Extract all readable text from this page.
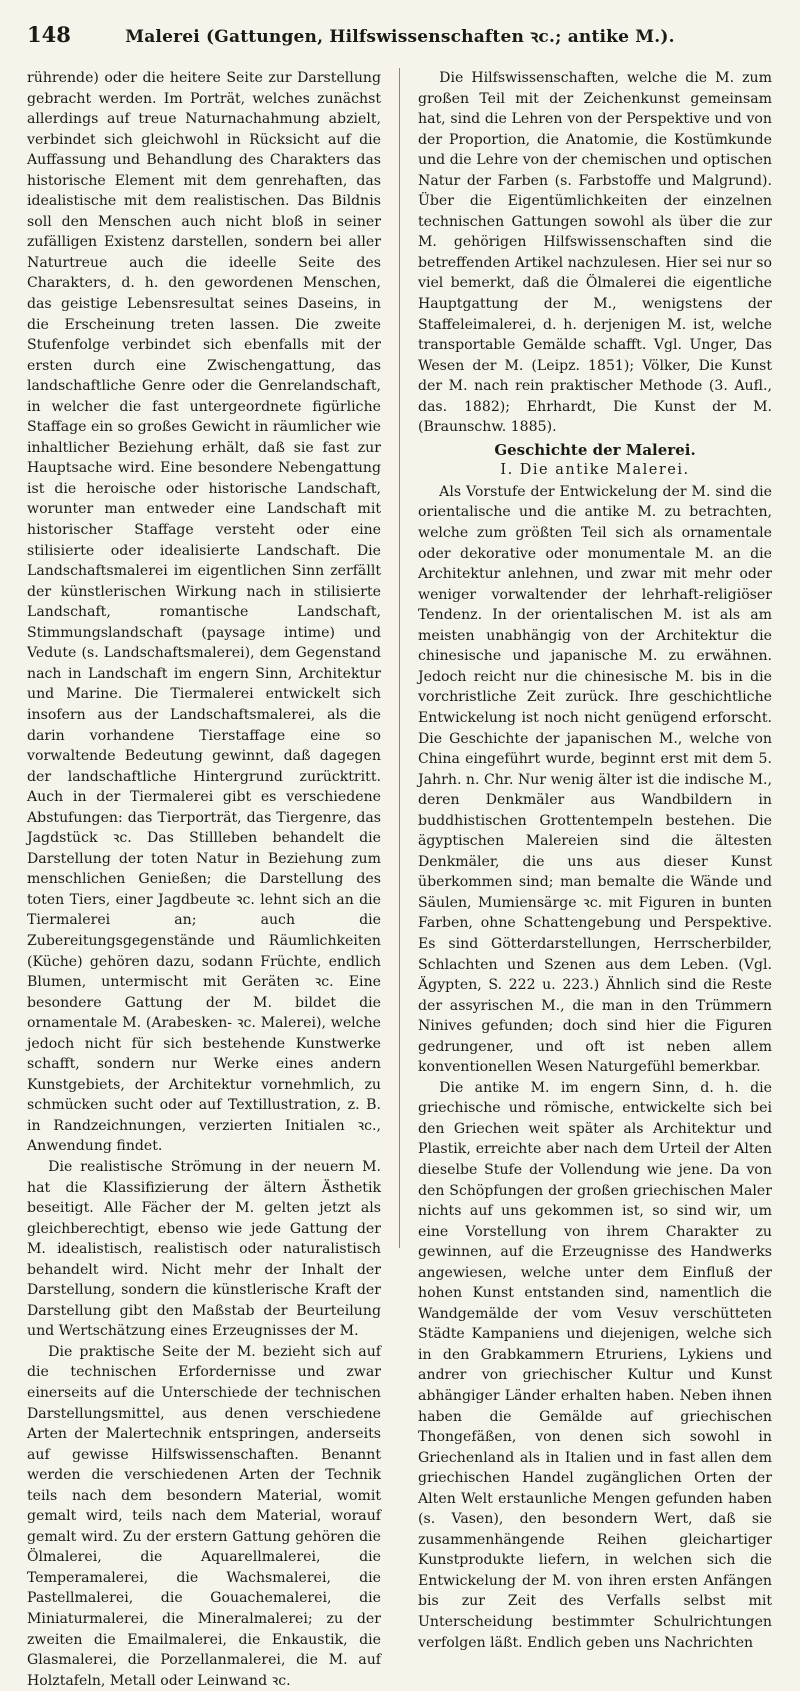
148	Malerei (Gattungen, Hilfswissenschaften ꝛc.; antike M.).

rührende) oder die heitere Seite zur Darstellung gebracht werden. Im Porträt, welches zunächst allerdings auf treue Naturnachahmung abzielt, verbindet sich gleichwohl in Rücksicht auf die Auffassung und Behandlung des Charakters das historische Element mit dem genrehaften, das idealistische mit dem realistischen. Das Bildnis soll den Menschen auch nicht bloß in seiner zufälligen Existenz darstellen, sondern bei aller Naturtreue auch die ideelle Seite des Charakters, d. h. den gewordenen Menschen, das geistige Lebensresultat seines Daseins, in die Erscheinung treten lassen. Die zweite Stufenfolge verbindet sich ebenfalls mit der ersten durch eine Zwischengattung, das landschaftliche Genre oder die Genrelandschaft, in welcher die fast untergeordnete figürliche Staffage ein so großes Gewicht in räumlicher wie inhaltlicher Beziehung erhält, daß sie fast zur Hauptsache wird. Eine besondere Nebengattung ist die heroische oder historische Landschaft, worunter man entweder eine Landschaft mit historischer Staffage versteht oder eine stilisierte oder idealisierte Landschaft. Die Landschaftsmalerei im eigentlichen Sinn zerfällt der künstlerischen Wirkung nach in stilisierte Landschaft, romantische Landschaft, Stimmungslandschaft (paysage intime) und Vedute (s. Landschaftsmalerei), dem Gegenstand nach in Landschaft im engern Sinn, Architektur und Marine. Die Tiermalerei entwickelt sich insofern aus der Landschaftsmalerei, als die darin vorhandene Tierstaffage eine so vorwaltende Bedeutung gewinnt, daß dagegen der landschaftliche Hintergrund zurücktritt. Auch in der Tiermalerei gibt es verschiedene Abstufungen: das Tierporträt, das Tiergenre, das Jagdstück ꝛc. Das Stillleben behandelt die Darstellung der toten Natur in Beziehung zum menschlichen Genießen; die Darstellung des toten Tiers, einer Jagdbeute ꝛc. lehnt sich an die Tiermalerei an; auch die Zubereitungsgegenstände und Räumlichkeiten (Küche) gehören dazu, sodann Früchte, endlich Blumen, untermischt mit Geräten ꝛc. Eine besondere Gattung der M. bildet die ornamentale M. (Arabesken- ꝛc. Malerei), welche jedoch nicht für sich bestehende Kunstwerke schafft, sondern nur Werke eines andern Kunstgebiets, der Architektur vornehmlich, zu schmücken sucht oder auf Textillustration, z. B. in Randzeichnungen, verzierten Initialen ꝛc., Anwendung findet.

Die realistische Strömung in der neuern M. hat die Klassifizierung der ältern Ästhetik beseitigt. Alle Fächer der M. gelten jetzt als gleichberechtigt, ebenso wie jede Gattung der M. idealistisch, realistisch oder naturalistisch behandelt wird. Nicht mehr der Inhalt der Darstellung, sondern die künstlerische Kraft der Darstellung gibt den Maßstab der Beurteilung und Wertschätzung eines Erzeugnisses der M.

Die praktische Seite der M. bezieht sich auf die technischen Erfordernisse und zwar einerseits auf die Unterschiede der technischen Darstellungsmittel, aus denen verschiedene Arten der Malertechnik entspringen, anderseits auf gewisse Hilfswissenschaften. Benannt werden die verschiedenen Arten der Technik teils nach dem besondern Material, womit gemalt wird, teils nach dem Material, worauf gemalt wird. Zu der erstern Gattung gehören die Ölmalerei, die Aquarellmalerei, die Temperamalerei, die Wachsmalerei, die Pastellmalerei, die Gouachemalerei, die Miniaturmalerei, die Mineralmalerei; zu der zweiten die Emailmalerei, die Enkaustik, die Glasmalerei, die Porzellanmalerei, die M. auf Holztafeln, Metall oder Leinwand ꝛc.

Die Hilfswissenschaften, welche die M. zum großen Teil mit der Zeichenkunst gemeinsam hat, sind die Lehren von der Perspektive und von der Proportion, die Anatomie, die Kostümkunde und die Lehre von der chemischen und optischen Natur der Farben (s. Farbstoffe und Malgrund). Über die Eigentümlichkeiten der einzelnen technischen Gattungen sowohl als über die zur M. gehörigen Hilfswissenschaften sind die betreffenden Artikel nachzulesen. Hier sei nur so viel bemerkt, daß die Ölmalerei die eigentliche Hauptgattung der M., wenigstens der Staffeleimalerei, d. h. derjenigen M. ist, welche transportable Gemälde schafft. Vgl. Unger, Das Wesen der M. (Leipz. 1851); Völker, Die Kunst der M. nach rein praktischer Methode (3. Aufl., das. 1882); Ehrhardt, Die Kunst der M. (Braunschw. 1885).

Geschichte der Malerei.
I. Die antike Malerei.

Als Vorstufe der Entwickelung der M. sind die orientalische und die antike M. zu betrachten, welche zum größten Teil sich als ornamentale oder dekorative oder monumentale M. an die Architektur anlehnen, und zwar mit mehr oder weniger vorwaltender der lehrhaft-religiöser Tendenz. In der orientalischen M. ist als am meisten unabhängig von der Architektur die chinesische und japanische M. zu erwähnen. Jedoch reicht nur die chinesische M. bis in die vorchristliche Zeit zurück. Ihre geschichtliche Entwickelung ist noch nicht genügend erforscht. Die Geschichte der japanischen M., welche von China eingeführt wurde, beginnt erst mit dem 5. Jahrh. n. Chr. Nur wenig älter ist die indische M., deren Denkmäler aus Wandbildern in buddhistischen Grottentempeln bestehen. Die ägyptischen Malereien sind die ältesten Denkmäler, die uns aus dieser Kunst überkommen sind; man bemalte die Wände und Säulen, Mumiensärge ꝛc. mit Figuren in bunten Farben, ohne Schattengebung und Perspektive. Es sind Götterdarstellungen, Herrscherbilder, Schlachten und Szenen aus dem Leben. (Vgl. Ägypten, S. 222 u. 223.) Ähnlich sind die Reste der assyrischen M., die man in den Trümmern Ninives gefunden; doch sind hier die Figuren gedrungener, und oft ist neben allem konventionellen Wesen Naturgefühl bemerkbar.

Die antike M. im engern Sinn, d. h. die griechische und römische, entwickelte sich bei den Griechen weit später als Architektur und Plastik, erreichte aber nach dem Urteil der Alten dieselbe Stufe der Vollendung wie jene. Da von den Schöpfungen der großen griechischen Maler nichts auf uns gekommen ist, so sind wir, um eine Vorstellung von ihrem Charakter zu gewinnen, auf die Erzeugnisse des Handwerks angewiesen, welche unter dem Einfluß der hohen Kunst entstanden sind, namentlich die Wandgemälde der vom Vesuv verschütteten Städte Kampaniens und diejenigen, welche sich in den Grabkammern Etruriens, Lykiens und andrer von griechischer Kultur und Kunst abhängiger Länder erhalten haben. Neben ihnen haben die Gemälde auf griechischen Thongefäßen, von denen sich sowohl in Griechenland als in Italien und in fast allen dem griechischen Handel zugänglichen Orten der Alten Welt erstaunliche Mengen gefunden haben (s. Vasen), den besondern Wert, daß sie zusammenhängende Reihen gleichartiger Kunstprodukte liefern, in welchen sich die Entwickelung der M. von ihren ersten Anfängen bis zur Zeit des Verfalls selbst mit Unterscheidung bestimmter Schulrichtungen verfolgen läßt. Endlich geben uns Nachrichten
